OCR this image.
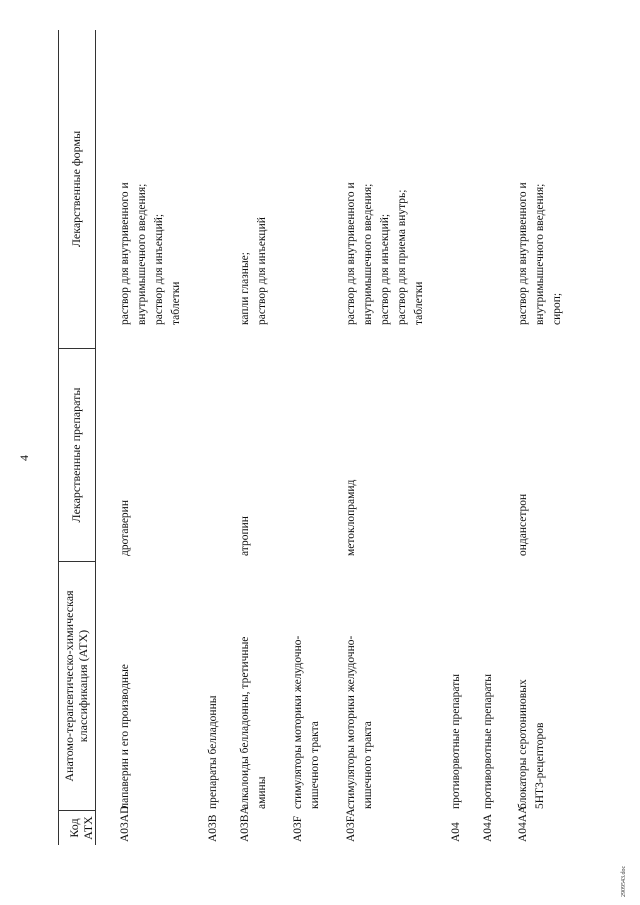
4
Код АТХ
Анатомо-терапевтическо-химическая классификация (АТХ)
Лекарственные препараты
Лекарственные формы
A03AD
папаверин и его производные
дротаверин
раствор для внутривенного и внутримышечного введения; раствор для инъекций; таблетки
A03B
препараты белладонны
A03BA
алкалоиды белладонны, третичные амины
атропин
капли глазные; раствор для инъекций
A03F
стимуляторы моторики желудочно- кишечного тракта
A03FA
стимуляторы моторики желудочно- кишечного тракта
метоклопрамид
раствор для внутривенного и внутримышечного введения; раствор для инъекций; раствор для приема внутрь; таблетки
A04
противорвотные препараты
A04A
противорвотные препараты
A04AA
блокаторы серотониновых 5HT3-рецепторов
ондансетрон
раствор для внутривенного и внутримышечного введения; сироп;
2909543.doc
